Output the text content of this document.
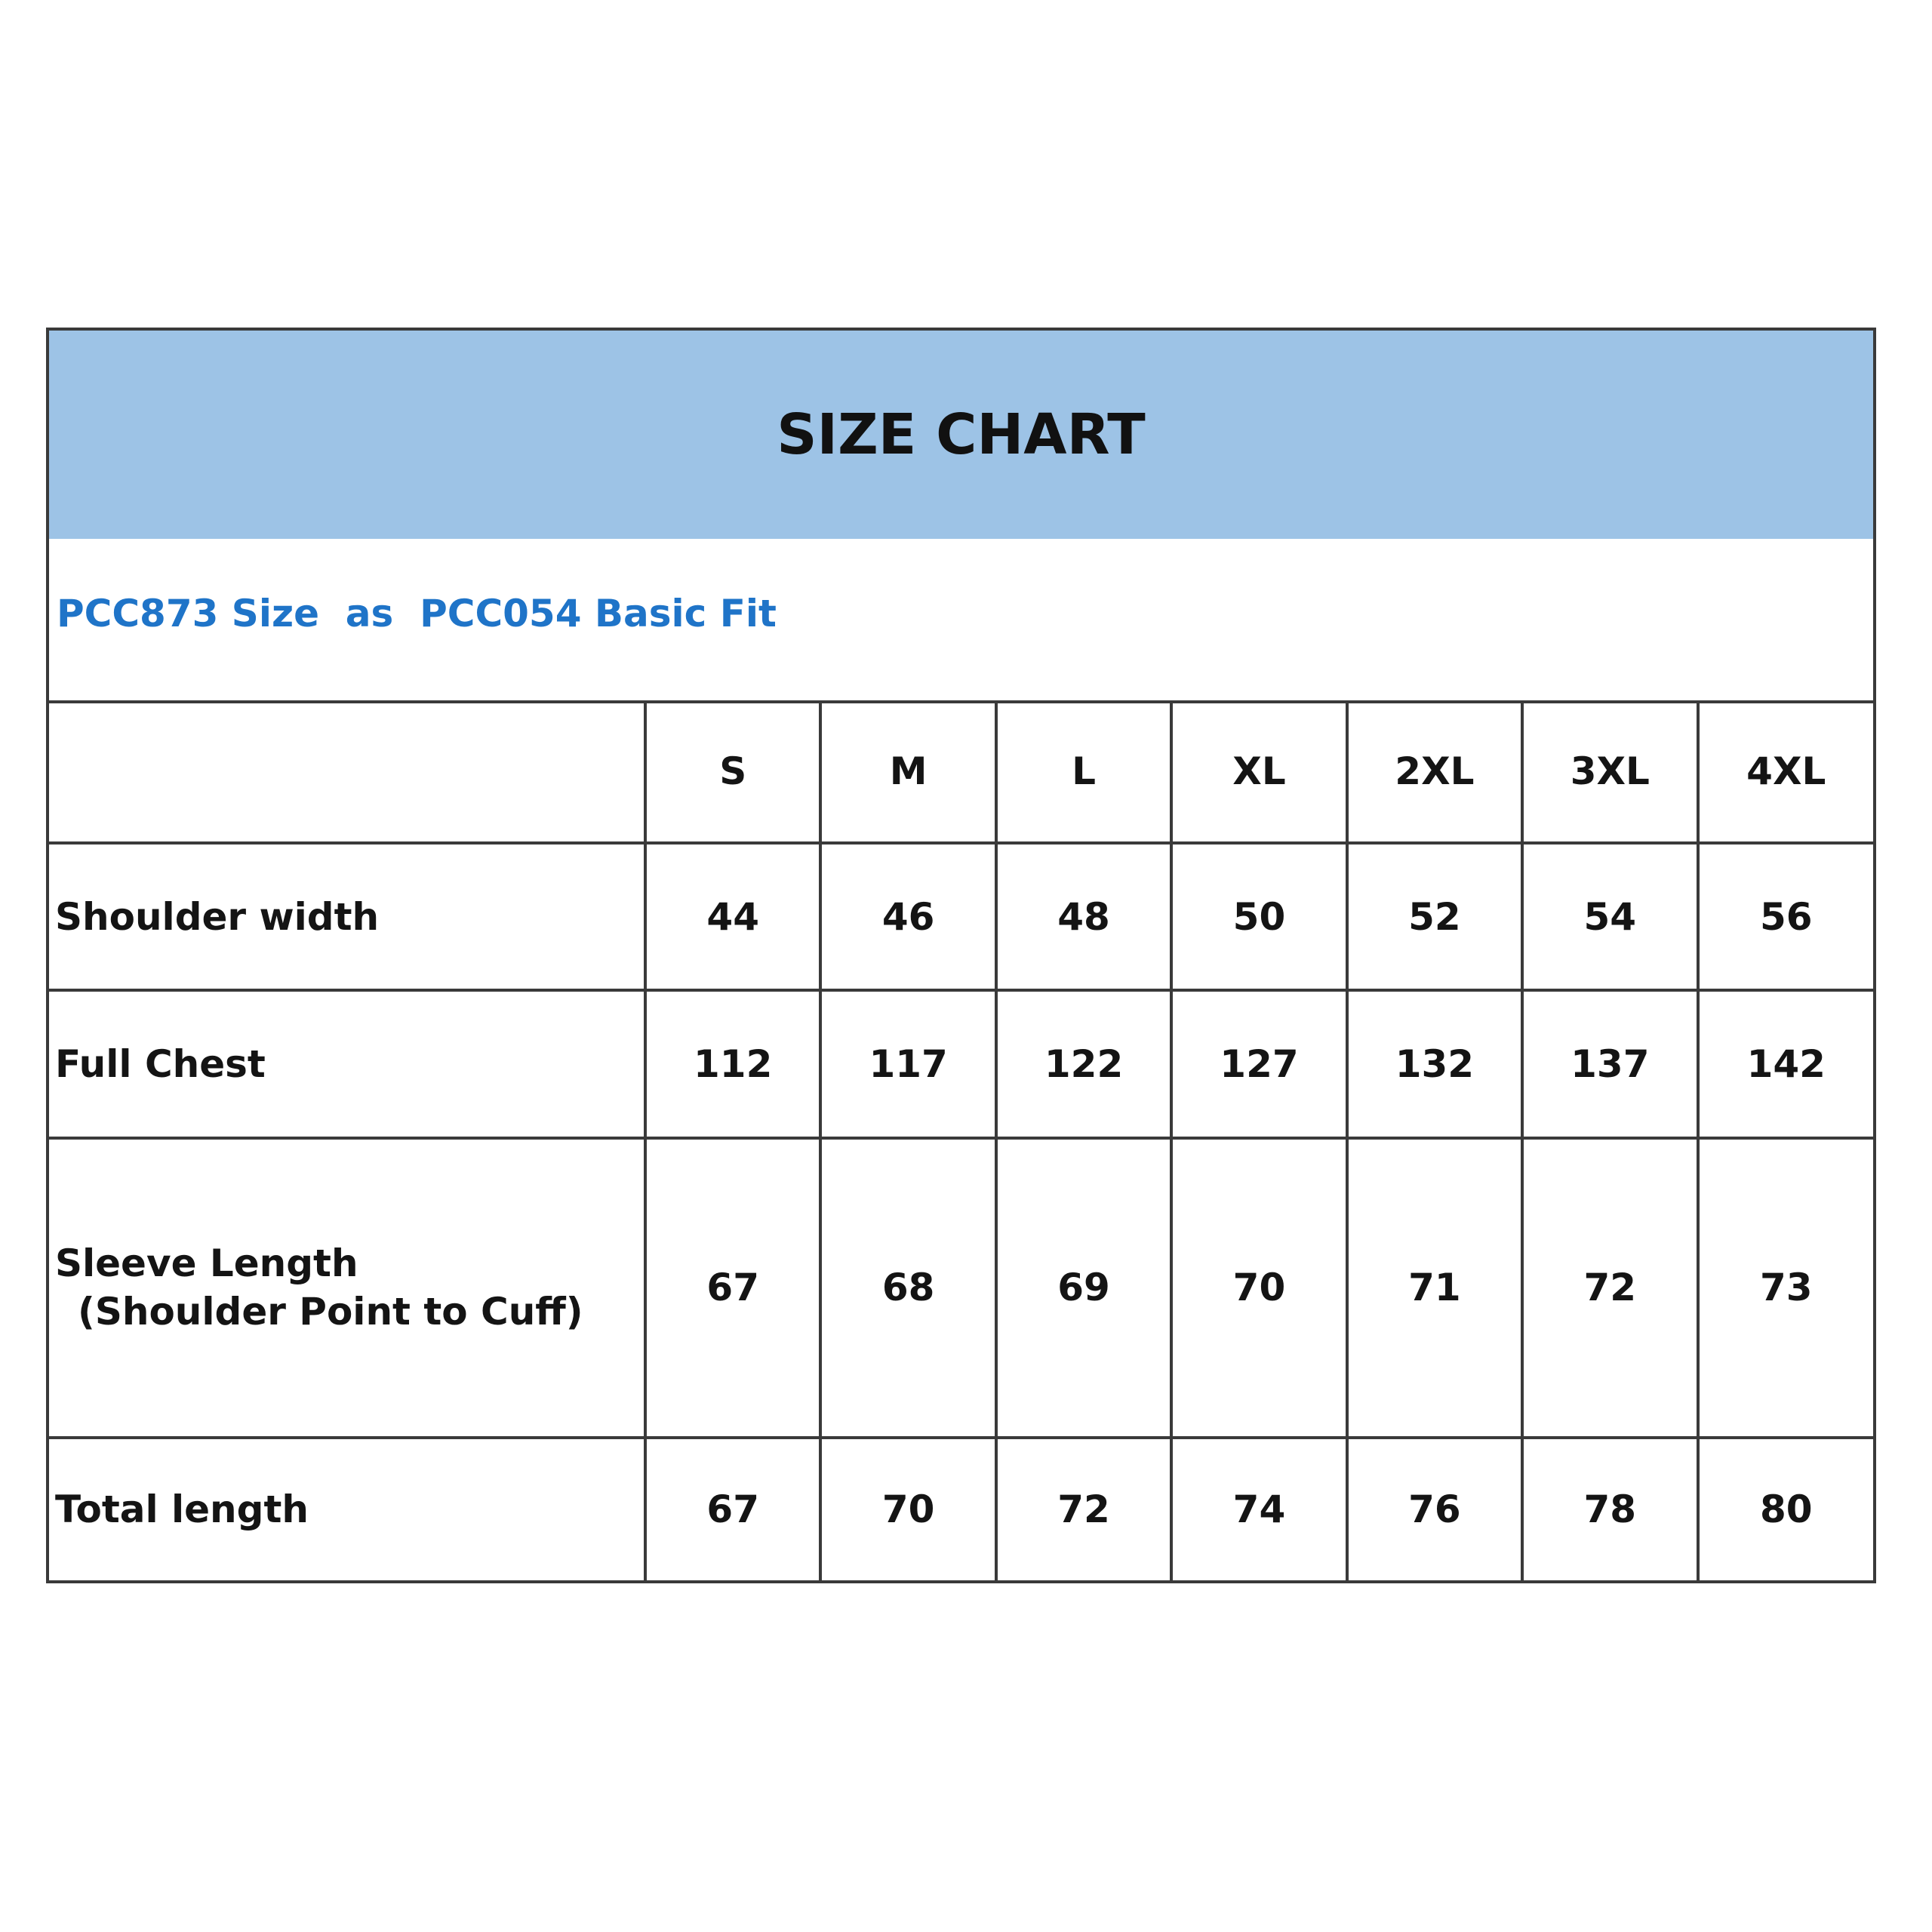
SIZE CHART
PCC873 Size  as  PCC054 Basic Fit
	S	M	L	XL	2XL	3XL	4XL
Shoulder width	44	46	48	50	52	54	56
Full Chest	112	117	122	127	132	137	142
Sleeve Length
(Shoulder Point to Cuff)	67	68	69	70	71	72	73
Total length	67	70	72	74	76	78	80
